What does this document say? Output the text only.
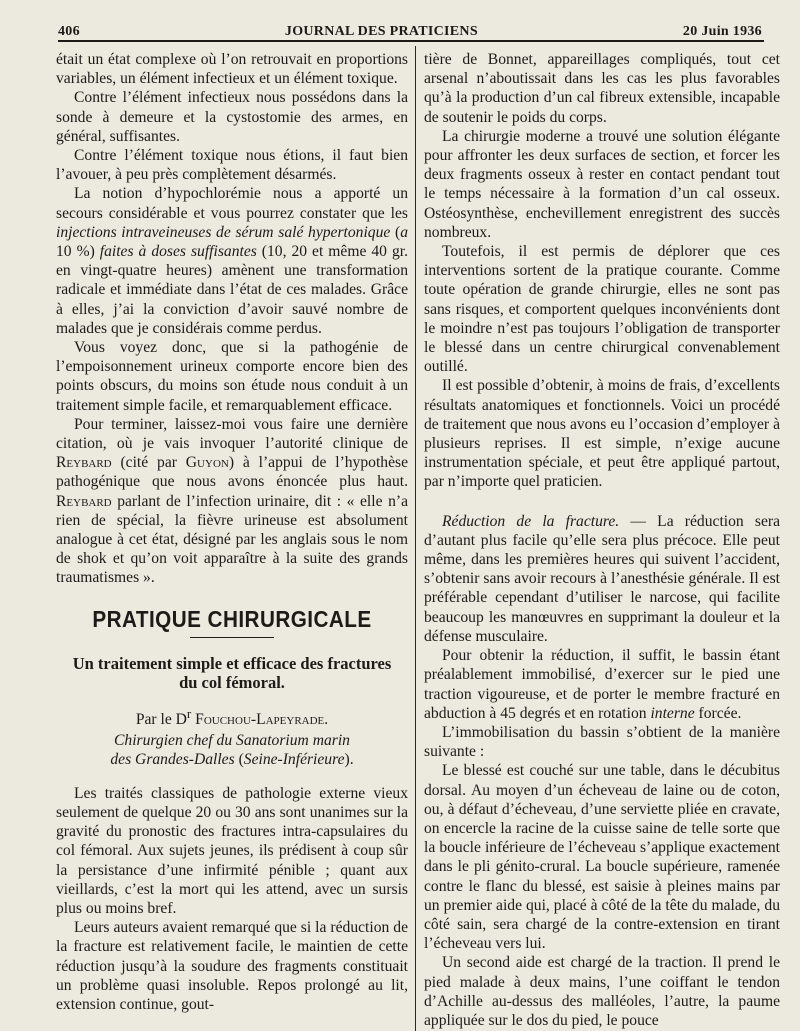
406	JOURNAL DES PRATICIENS	20 Juin 1936

était un état complexe où l’on retrouvait en proportions variables, un élément infectieux et un élément toxique.

Contre l’élément infectieux nous possédons dans la sonde à demeure et la cystostomie des armes, en général, suffisantes.

Contre l’élément toxique nous étions, il faut bien l’avouer, à peu près complètement désarmés.

La notion d’hypochlorémie nous a apporté un secours considérable et vous pourrez constater que les injections intraveineuses de sérum salé hypertonique (a 10 %) faites à doses suffisantes (10, 20 et même 40 gr. en vingt-quatre heures) amènent une transformation radicale et immédiate dans l’état de ces malades. Grâce à elles, j’ai la conviction d’avoir sauvé nombre de malades que je considérais comme perdus.

Vous voyez donc, que si la pathogénie de l’empoisonnement urineux comporte encore bien des points obscurs, du moins son étude nous conduit à un traitement simple facile, et remarquablement efficace.

Pour terminer, laissez-moi vous faire une dernière citation, où je vais invoquer l’autorité clinique de Reybard (cité par Guyon) à l’appui de l’hypothèse pathogénique que nous avons énoncée plus haut. Reybard parlant de l’infection urinaire, dit : « elle n’a rien de spécial, la fièvre urineuse est absolument analogue à cet état, désigné par les anglais sous le nom de shok et qu’on voit apparaître à la suite des grands traumatismes ».

PRATIQUE CHIRURGICALE
Un traitement simple et efficace des fractures
du col fémoral.
Par le $D^r$ Fouchou-Lapeyrade.
Chirurgien chef du Sanatorium marin
des Grandes-Dalles (Seine-Inférieure).

Les traités classiques de pathologie externe vieux seulement de quelque 20 ou 30 ans sont unanimes sur la gravité du pronostic des fractures intra-capsulaires du col fémoral. Aux sujets jeunes, ils prédisent à coup sûr la persistance d’une infirmité pénible ; quant aux vieillards, c’est la mort qui les attend, avec un sursis plus ou moins bref.

Leurs auteurs avaient remarqué que si la réduction de la fracture est relativement facile, le maintien de cette réduction jusqu’à la soudure des fragments constituait un problème quasi insoluble. Repos prolongé au lit, extension continue, gout-

tière de Bonnet, appareillages compliqués, tout cet arsenal n’aboutissait dans les cas les plus favorables qu’à la production d’un cal fibreux extensible, incapable de soutenir le poids du corps.

La chirurgie moderne a trouvé une solution élégante pour affronter les deux surfaces de section, et forcer les deux fragments osseux à rester en contact pendant tout le temps nécessaire à la formation d’un cal osseux. Ostéosynthèse, enchevillement enregistrent des succès nombreux.

Toutefois, il est permis de déplorer que ces interventions sortent de la pratique courante. Comme toute opération de grande chirurgie, elles ne sont pas sans risques, et comportent quelques inconvénients dont le moindre n’est pas toujours l’obligation de transporter le blessé dans un centre chirurgical convenablement outillé.

Il est possible d’obtenir, à moins de frais, d’excellents résultats anatomiques et fonctionnels. Voici un procédé de traitement que nous avons eu l’occasion d’employer à plusieurs reprises. Il est simple, n’exige aucune instrumentation spéciale, et peut être appliqué partout, par n’importe quel praticien.

Réduction de la fracture. — La réduction sera d’autant plus facile qu’elle sera plus précoce. Elle peut même, dans les premières heures qui suivent l’accident, s’obtenir sans avoir recours à l’anesthésie générale. Il est préférable cependant d’utiliser le narcose, qui facilite beaucoup les manœuvres en supprimant la douleur et la défense musculaire.

Pour obtenir la réduction, il suffit, le bassin étant préalablement immobilisé, d’exercer sur le pied une traction vigoureuse, et de porter le membre fracturé en abduction à 45 degrés et en rotation interne forcée.

L’immobilisation du bassin s’obtient de la manière suivante :

Le blessé est couché sur une table, dans le décubitus dorsal. Au moyen d’un écheveau de laine ou de coton, ou, à défaut d’écheveau, d’une serviette pliée en cravate, on encercle la racine de la cuisse saine de telle sorte que la boucle inférieure de l’écheveau s’applique exactement dans le pli génito-crural. La boucle supérieure, ramenée contre le flanc du blessé, est saisie à pleines mains par un premier aide qui, placé à côté de la tête du malade, du côté sain, sera chargé de la contre-extension en tirant l’écheveau vers lui.

Un second aide est chargé de la traction. Il prend le pied malade à deux mains, l’une coiffant le tendon d’Achille au-dessus des malléoles, l’autre, la paume appliquée sur le dos du pied, le pouce
